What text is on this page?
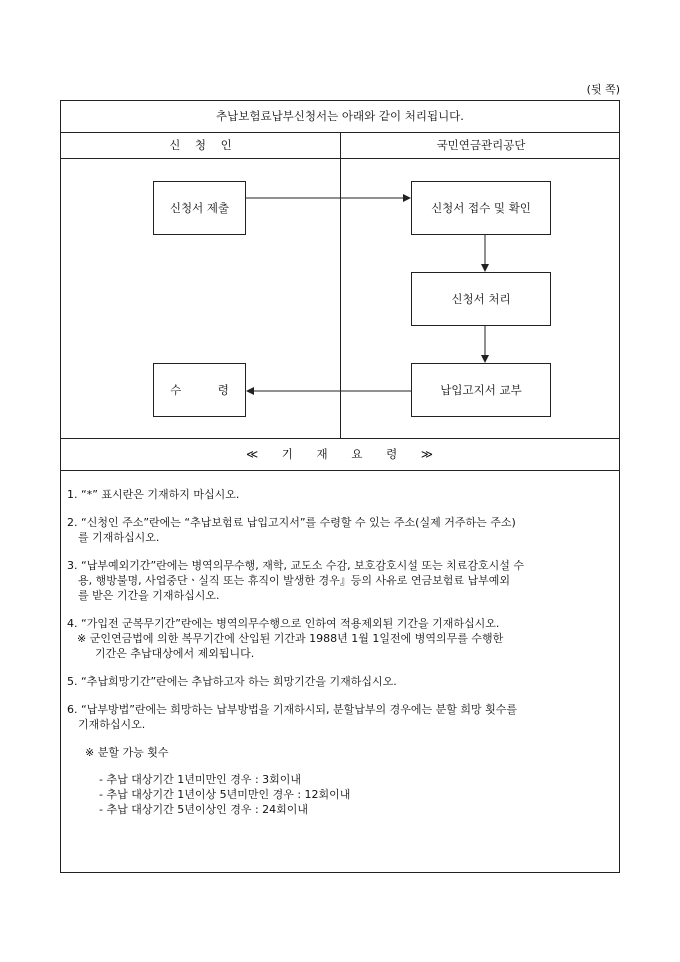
(뒷 쪽)
추납보험료납부신청서는 아래와 같이 처리됩니다.
신    청    인	국민연금관리공단
신청서 제출	신청서 접수 및 확인
신청서 처리
납입고지서 교부
수          령
≪ 기 재 요 령 ≫

1. “*” 표시란은 기재하지 마십시오.

2. “신청인 주소”란에는 “추납보험료 납입고지서”를 수령할 수 있는 주소(실제 거주하는 주소)

를 기재하십시오.

3. “납부예외기간”란에는 병역의무수행, 재학, 교도소 수감, 보호감호시설 또는 치료감호시설 수

용, 행방불명, 사업중단ㆍ실직 또는 휴직이 발생한 경우』등의 사유로 연금보험료 납부예외

를 받은 기간을 기재하십시오.

4. “가입전 군복무기간”란에는 병역의무수행으로 인하여 적용제외된 기간을 기재하십시오.

※ 군인연금법에 의한 복무기간에 산입된 기간과 1988년 1월 1일전에 병역의무를 수행한

기간은 추납대상에서 제외됩니다.

5. “추납희망기간”란에는 추납하고자 하는 희망기간을 기재하십시오.

6. “납부방법”란에는 희망하는 납부방법을 기재하시되, 분할납부의 경우에는 분할 희망 횟수를

기재하십시오.

※ 분할 가능 횟수

- 추납 대상기간 1년미만인 경우 : 3회이내

- 추납 대상기간 1년이상 5년미만인 경우 : 12회이내

- 추납 대상기간 5년이상인 경우 : 24회이내
